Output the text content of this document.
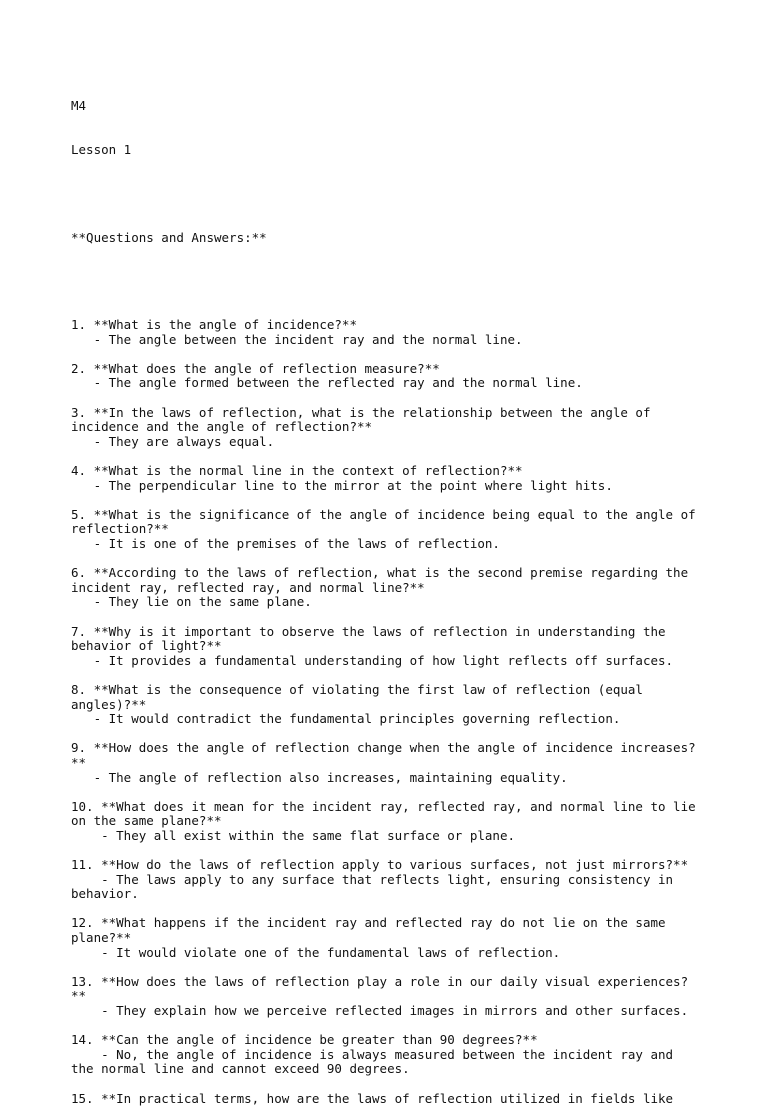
M4

Lesson 1

**Questions and Answers:**

1. **What is the angle of incidence?**
- The angle between the incident ray and the normal line.
2. **What does the angle of reflection measure?**
- The angle formed between the reflected ray and the normal line.
3. **In the laws of reflection, what is the relationship between the angle of
incidence and the angle of reflection?**
- They are always equal.
4. **What is the normal line in the context of reflection?**
- The perpendicular line to the mirror at the point where light hits.
5. **What is the significance of the angle of incidence being equal to the angle of
reflection?**
- It is one of the premises of the laws of reflection.
6. **According to the laws of reflection, what is the second premise regarding the
incident ray, reflected ray, and normal line?**
- They lie on the same plane.
7. **Why is it important to observe the laws of reflection in understanding the
behavior of light?**
- It provides a fundamental understanding of how light reflects off surfaces.
8. **What is the consequence of violating the first law of reflection (equal
angles)?**
- It would contradict the fundamental principles governing reflection.
9. **How does the angle of reflection change when the angle of incidence increases?
**
- The angle of reflection also increases, maintaining equality.
10. **What does it mean for the incident ray, reflected ray, and normal line to lie
on the same plane?**
- They all exist within the same flat surface or plane.
11. **How do the laws of reflection apply to various surfaces, not just mirrors?**
- The laws apply to any surface that reflects light, ensuring consistency in
behavior.
12. **What happens if the incident ray and reflected ray do not lie on the same
plane?**
- It would violate one of the fundamental laws of reflection.
13. **How does the laws of reflection play a role in our daily visual experiences?
**
- They explain how we perceive reflected images in mirrors and other surfaces.
14. **Can the angle of incidence be greater than 90 degrees?**
- No, the angle of incidence is always measured between the incident ray and
the normal line and cannot exceed 90 degrees.
15. **In practical terms, how are the laws of reflection utilized in fields like
